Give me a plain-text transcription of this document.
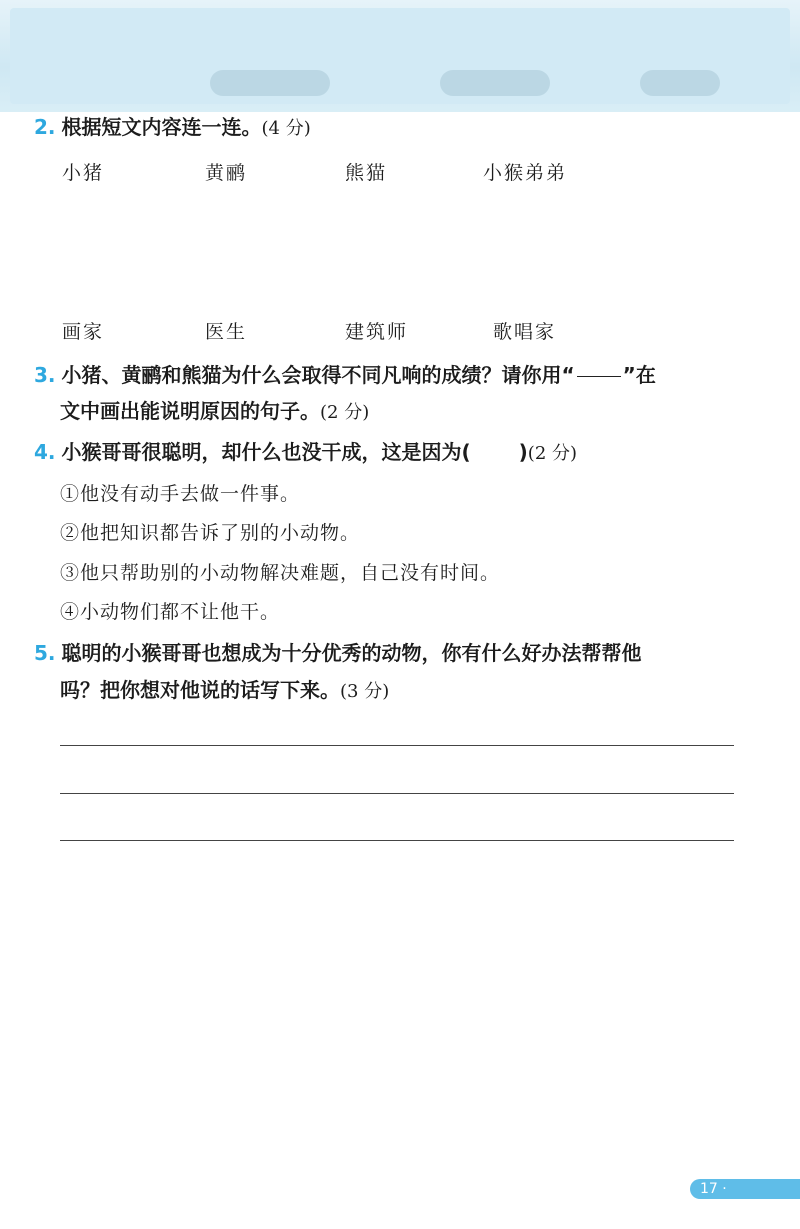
2. 根据短文内容连一连。(4 分)
小猪	黄鹂	熊猫	小猴弟弟
画家	医生	建筑师	歌唱家
3. 小猪、黄鹂和熊猫为什么会取得不同凡响的成绩？请你用“ ”在
文中画出能说明原因的句子。(2 分)
4. 小猴哥哥很聪明，却什么也没干成，这是因为( )(2 分)
①他没有动手去做一件事。
②他把知识都告诉了别的小动物。
③他只帮助别的小动物解决难题，自己没有时间。
④小动物们都不让他干。
5. 聪明的小猴哥哥也想成为十分优秀的动物，你有什么好办法帮帮他
吗？把你想对他说的话写下来。(3 分)
17 ·
